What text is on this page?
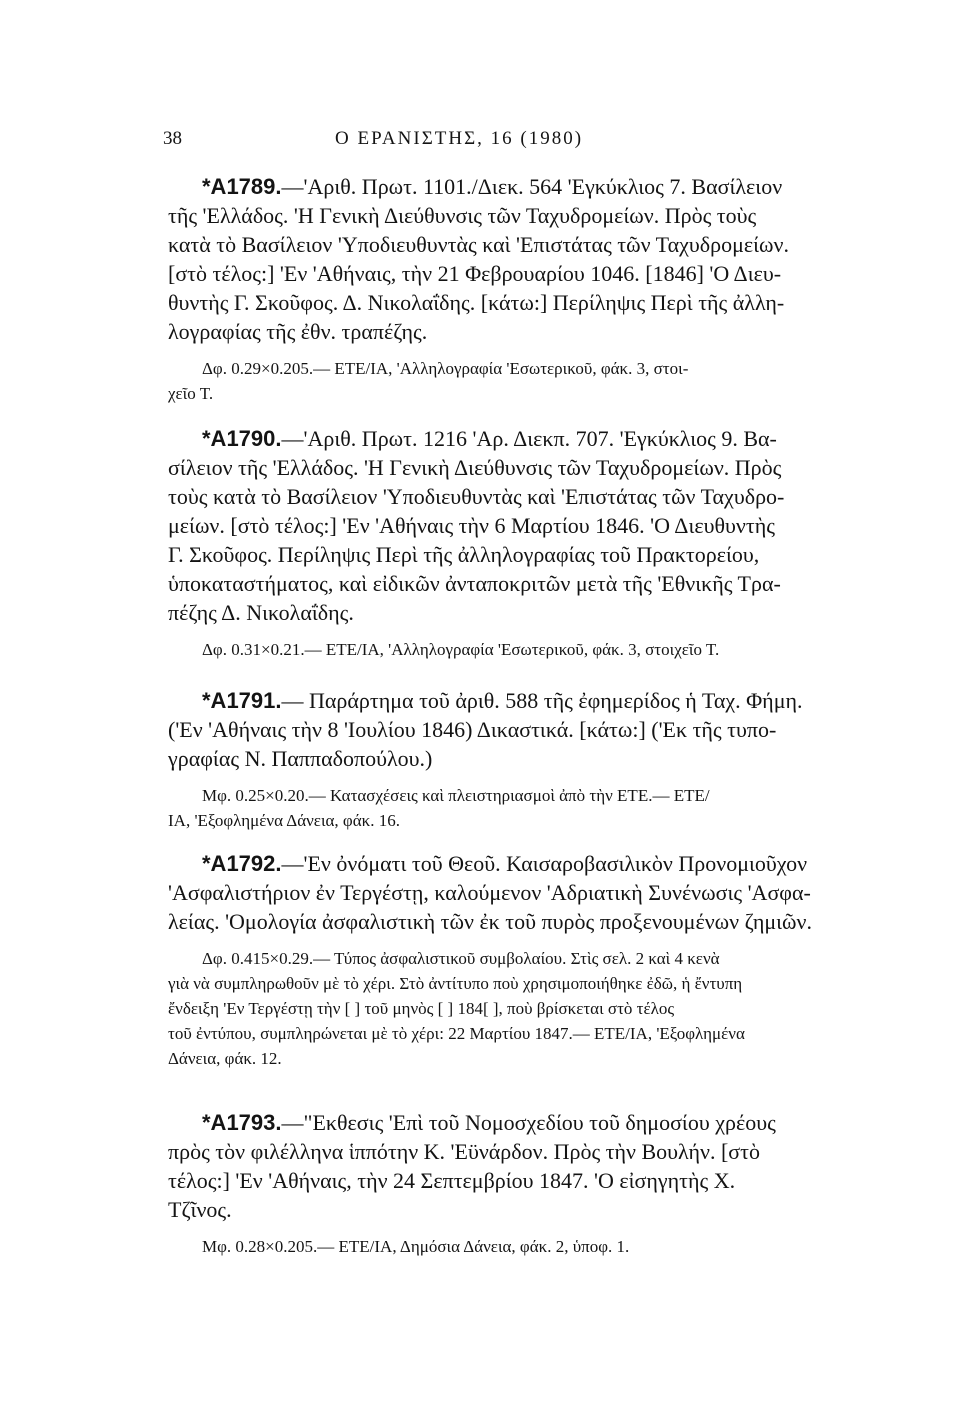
38	Ο ΕΡΑΝΙΣΤΗΣ, 16 (1980)
*A1789.—'Αριθ. Πρωτ. 1101./Διεκ. 564 'Εγκύκλιος 7. Βασίλειον
τῆς 'Ελλάδος. 'Η Γενικὴ Διεύθυνσις τῶν Ταχυδρομείων. Πρὸς τοὺς
κατὰ τὸ Βασίλειον 'Υποδιευθυντὰς καὶ 'Επιστάτας τῶν Ταχυδρομείων.
[στὸ τέλος:] 'Εν 'Αθήναις, τὴν 21 Φεβρουαρίου 1046. [1846] 'Ο Διευ-
θυντὴς Γ. Σκοῦφος. Δ. Νικολαΐδης. [κάτω:] Περίληψις Περὶ τῆς ἀλλη-
λογραφίας τῆς ἐθν. τραπέζης.
Δφ. 0.29×0.205.— ΕΤΕ/ΙΑ, 'Αλληλογραφία 'Εσωτερικοῦ, φάκ. 3, στοι-
χεῖο Τ.
*A1790.—'Αριθ. Πρωτ. 1216 'Αρ. Διεκπ. 707. 'Εγκύκλιος 9. Βα-
σίλειον τῆς 'Ελλάδος. 'Η Γενικὴ Διεύθυνσις τῶν Ταχυδρομείων. Πρὸς
τοὺς κατὰ τὸ Βασίλειον 'Υποδιευθυντὰς καὶ 'Επιστάτας τῶν Ταχυδρο-
μείων. [στὸ τέλος:] 'Εν 'Αθήναις τὴν 6 Μαρτίου 1846. 'Ο Διευθυντὴς
Γ. Σκοῦφος. Περίληψις Περὶ τῆς ἀλληλογραφίας τοῦ Πρακτορείου,
ὑποκαταστήματος, καὶ εἰδικῶν ἀνταποκριτῶν μετὰ τῆς 'Εθνικῆς Τρα-
πέζης Δ. Νικολαΐδης.
Δφ. 0.31×0.21.— ΕΤΕ/ΙΑ, 'Αλληλογραφία 'Εσωτερικοῦ, φάκ. 3, στοιχεῖο Τ.
*A1791.— Παράρτημα τοῦ ἀριθ. 588 τῆς ἐφημερίδος ἡ Ταχ. Φήμη.
('Εν 'Αθήναις τὴν 8 'Ιουλίου 1846) Δικαστικά. [κάτω:] ('Εκ τῆς τυπο-
γραφίας Ν. Παππαδοπούλου.)
Μφ. 0.25×0.20.— Κατασχέσεις καὶ πλειστηριασμοὶ ἀπὸ τὴν ΕΤΕ.— ΕΤΕ/
ΙΑ, 'Εξοφλημένα Δάνεια, φάκ. 16.
*A1792.—'Εν ὀνόματι τοῦ Θεοῦ. Καισαροβασιλικὸν Προνομιοῦχον
'Ασφαλιστήριον ἐν Τεργέστῃ, καλούμενον 'Αδριατικὴ Συνένωσις 'Ασφα-
λείας. 'Ομολογία ἀσφαλιστικὴ τῶν ἐκ τοῦ πυρὸς προξενουμένων ζημιῶν.
Δφ. 0.415×0.29.— Τύπος ἀσφαλιστικοῦ συμβολαίου. Στὶς σελ. 2 καὶ 4 κενὰ
γιὰ νὰ συμπληρωθοῦν μὲ τὸ χέρι. Στὸ ἀντίτυπο ποὺ χρησιμοποιήθηκε ἐδῶ, ἡ ἔντυπη
ἔνδειξη 'Εν Τεργέστῃ τὴν [ ] τοῦ μηνὸς [ ] 184[ ], ποὺ βρίσκεται στὸ τέλος
τοῦ ἐντύπου, συμπληρώνεται μὲ τὸ χέρι: 22 Μαρτίου 1847.— ΕΤΕ/ΙΑ, 'Εξοφλημένα
Δάνεια, φάκ. 12.
*A1793.—"Εκθεσις 'Επὶ τοῦ Νομοσχεδίου τοῦ δημοσίου χρέους
πρὸς τὸν φιλέλληνα ἱππότην Κ. 'Εϋνάρδον. Πρὸς τὴν Βουλήν. [στὸ
τέλος:] 'Εν 'Αθήναις, τὴν 24 Σεπτεμβρίου 1847. 'Ο εἰσηγητὴς Χ.
Τζῖνος.
Μφ. 0.28×0.205.— ΕΤΕ/ΙΑ, Δημόσια Δάνεια, φάκ. 2, ὑποφ. 1.
